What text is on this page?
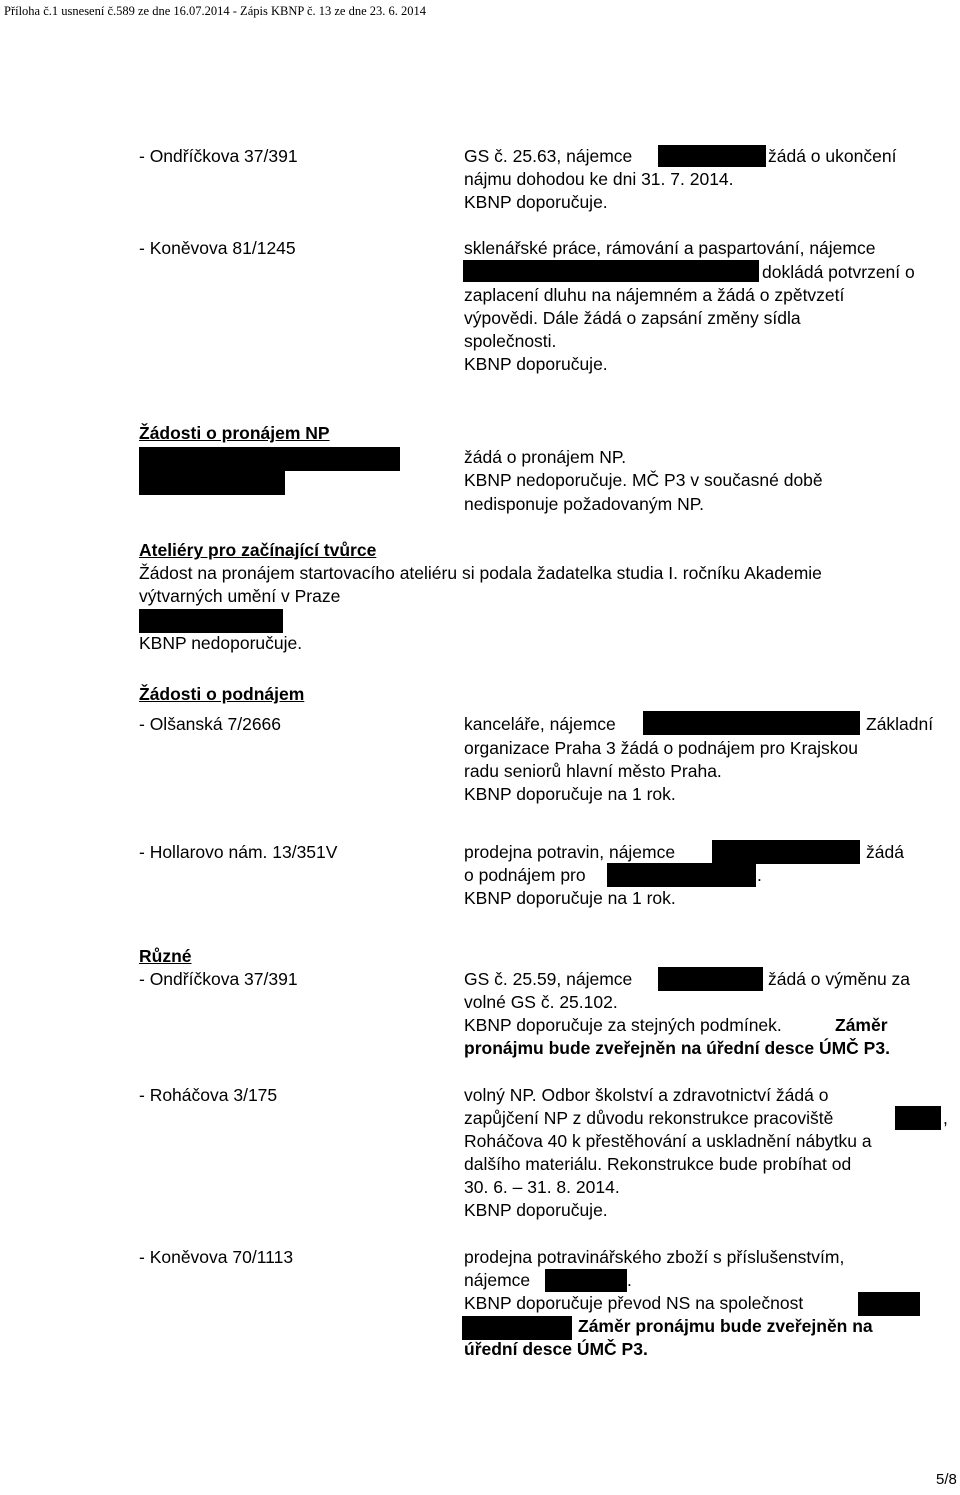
Příloha č.1 usnesení č.589 ze dne 16.07.2014 - Zápis KBNP č. 13 ze dne 23. 6. 2014
- Ondříčkova 37/391	GS č. 25.63, nájemce	žádá o ukončení
nájmu dohodou ke dni 31. 7. 2014.
KBNP doporučuje.
- Koněvova 81/1245	sklenářské práce, rámování a paspartování, nájemce
dokládá potvrzení o
zaplacení dluhu na nájemném a žádá o zpětvzetí
výpovědi. Dále žádá o zapsání změny sídla
společnosti.
KBNP doporučuje.
Žádosti o pronájem NP
žádá o pronájem NP.
KBNP nedoporučuje. MČ P3 v současné době
nedisponuje požadovaným NP.
Ateliéry pro začínající tvůrce
Žádost na pronájem startovacího ateliéru si podala žadatelka studia I. ročníku Akademie
výtvarných umění v Praze
KBNP nedoporučuje.
Žádosti o podnájem
- Olšanská 7/2666	kanceláře, nájemce	Základní
organizace Praha 3 žádá o podnájem pro Krajskou
radu seniorů hlavní město Praha.
KBNP doporučuje na 1 rok.
- Hollarovo nám. 13/351V	prodejna potravin, nájemce	žádá
o podnájem pro	.
KBNP doporučuje na 1 rok.
Různé
- Ondříčkova 37/391	GS č. 25.59, nájemce	žádá o výměnu za
volné GS č. 25.102.
KBNP doporučuje za stejných podmínek.	Záměr
pronájmu bude zveřejněn na úřední desce ÚMČ P3.
- Roháčova 3/175	volný NP. Odbor školství a zdravotnictví žádá o
zapůjčení NP z důvodu rekonstrukce pracoviště	,
Roháčova 40 k přestěhování a uskladnění nábytku a
dalšího materiálu. Rekonstrukce bude probíhat od
30. 6. – 31. 8. 2014.
KBNP doporučuje.
- Koněvova 70/1113	prodejna potravinářského zboží s příslušenstvím,
nájemce	.
KBNP doporučuje převod NS na společnost
Záměr pronájmu bude zveřejněn na
úřední desce ÚMČ P3.
5/8
